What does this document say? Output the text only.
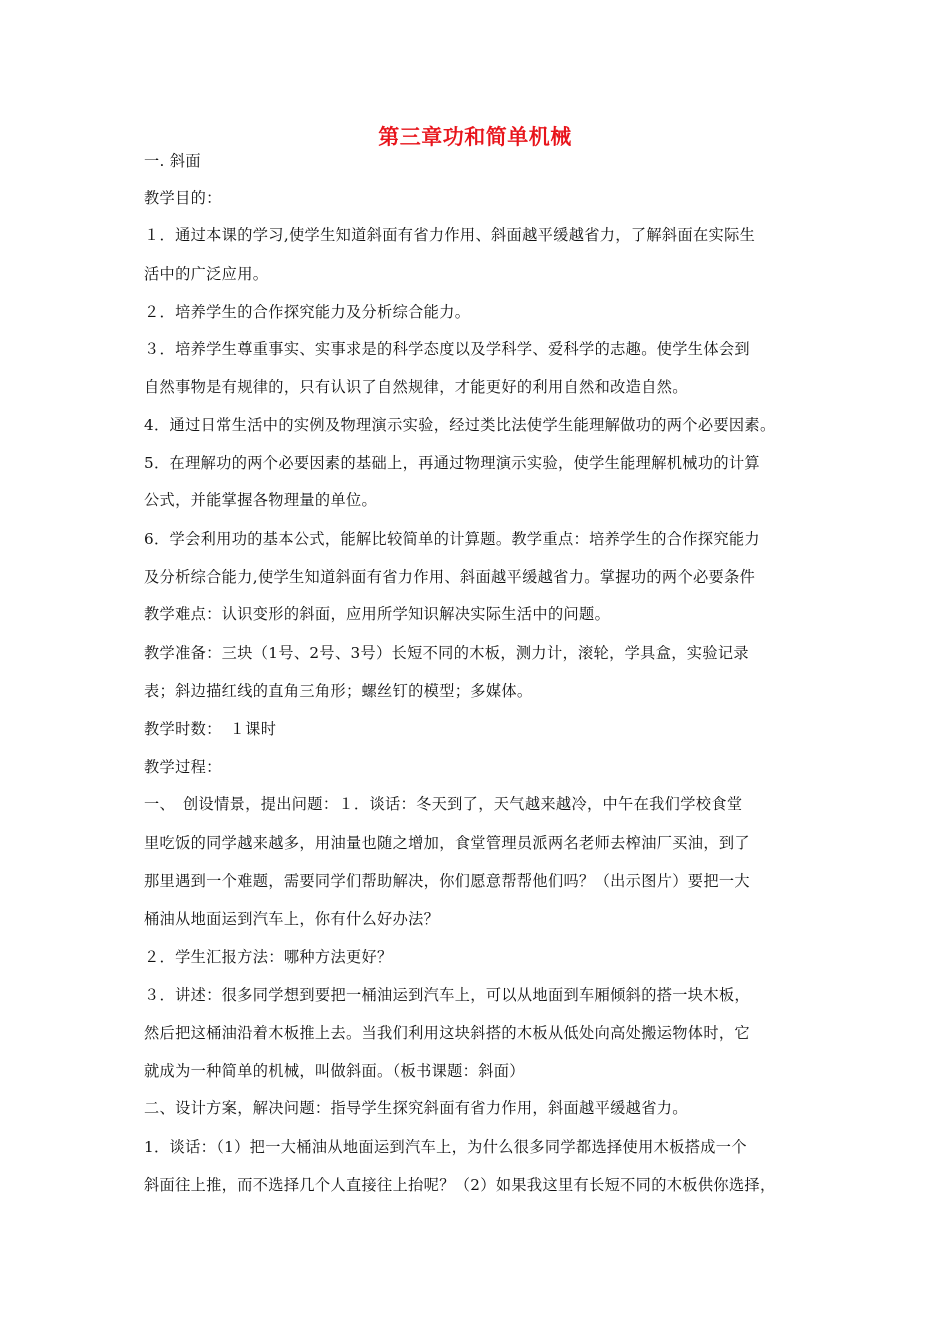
第三章功和简单机械
一. 斜面
教学目的：
１．通过本课的学习,使学生知道斜面有省力作用、斜面越平缓越省力，了解斜面在实际生
活中的广泛应用。
２．培养学生的合作探究能力及分析综合能力。
３．培养学生尊重事实、实事求是的科学态度以及学科学、爱科学的志趣。使学生体会到
自然事物是有规律的，只有认识了自然规律，才能更好的利用自然和改造自然。
4．通过日常生活中的实例及物理演示实验，经过类比法使学生能理解做功的两个必要因素。
5．在理解功的两个必要因素的基础上，再通过物理演示实验，使学生能理解机械功的计算
公式，并能掌握各物理量的单位。
6．学会利用功的基本公式，能解比较简单的计算题。教学重点：培养学生的合作探究能力
及分析综合能力,使学生知道斜面有省力作用、斜面越平缓越省力。掌握功的两个必要条件
教学难点：认识变形的斜面，应用所学知识解决实际生活中的问题。
教学准备：三块（1号、2号、3号）长短不同的木板，测力计，滚轮，学具盒，实验记录
表；斜边描红线的直角三角形；螺丝钉的模型；多媒体。
教学时数：　１课时
教学过程：
一、　创设情景，提出问题：１．谈话：冬天到了，天气越来越冷，中午在我们学校食堂
里吃饭的同学越来越多，用油量也随之增加，食堂管理员派两名老师去榨油厂买油，到了
那里遇到一个难题，需要同学们帮助解决，你们愿意帮帮他们吗？（出示图片）要把一大
桶油从地面运到汽车上，你有什么好办法？
２．学生汇报方法：哪种方法更好？
３．讲述：很多同学想到要把一桶油运到汽车上，可以从地面到车厢倾斜的搭一块木板，
然后把这桶油沿着木板推上去。当我们利用这块斜搭的木板从低处向高处搬运物体时，它
就成为一种简单的机械，叫做斜面。（板书课题：斜面）
二、设计方案，解决问题：指导学生探究斜面有省力作用，斜面越平缓越省力。
1．谈话：（1）把一大桶油从地面运到汽车上，为什么很多同学都选择使用木板搭成一个
斜面往上推，而不选择几个人直接往上抬呢？（2）如果我这里有长短不同的木板供你选择，
